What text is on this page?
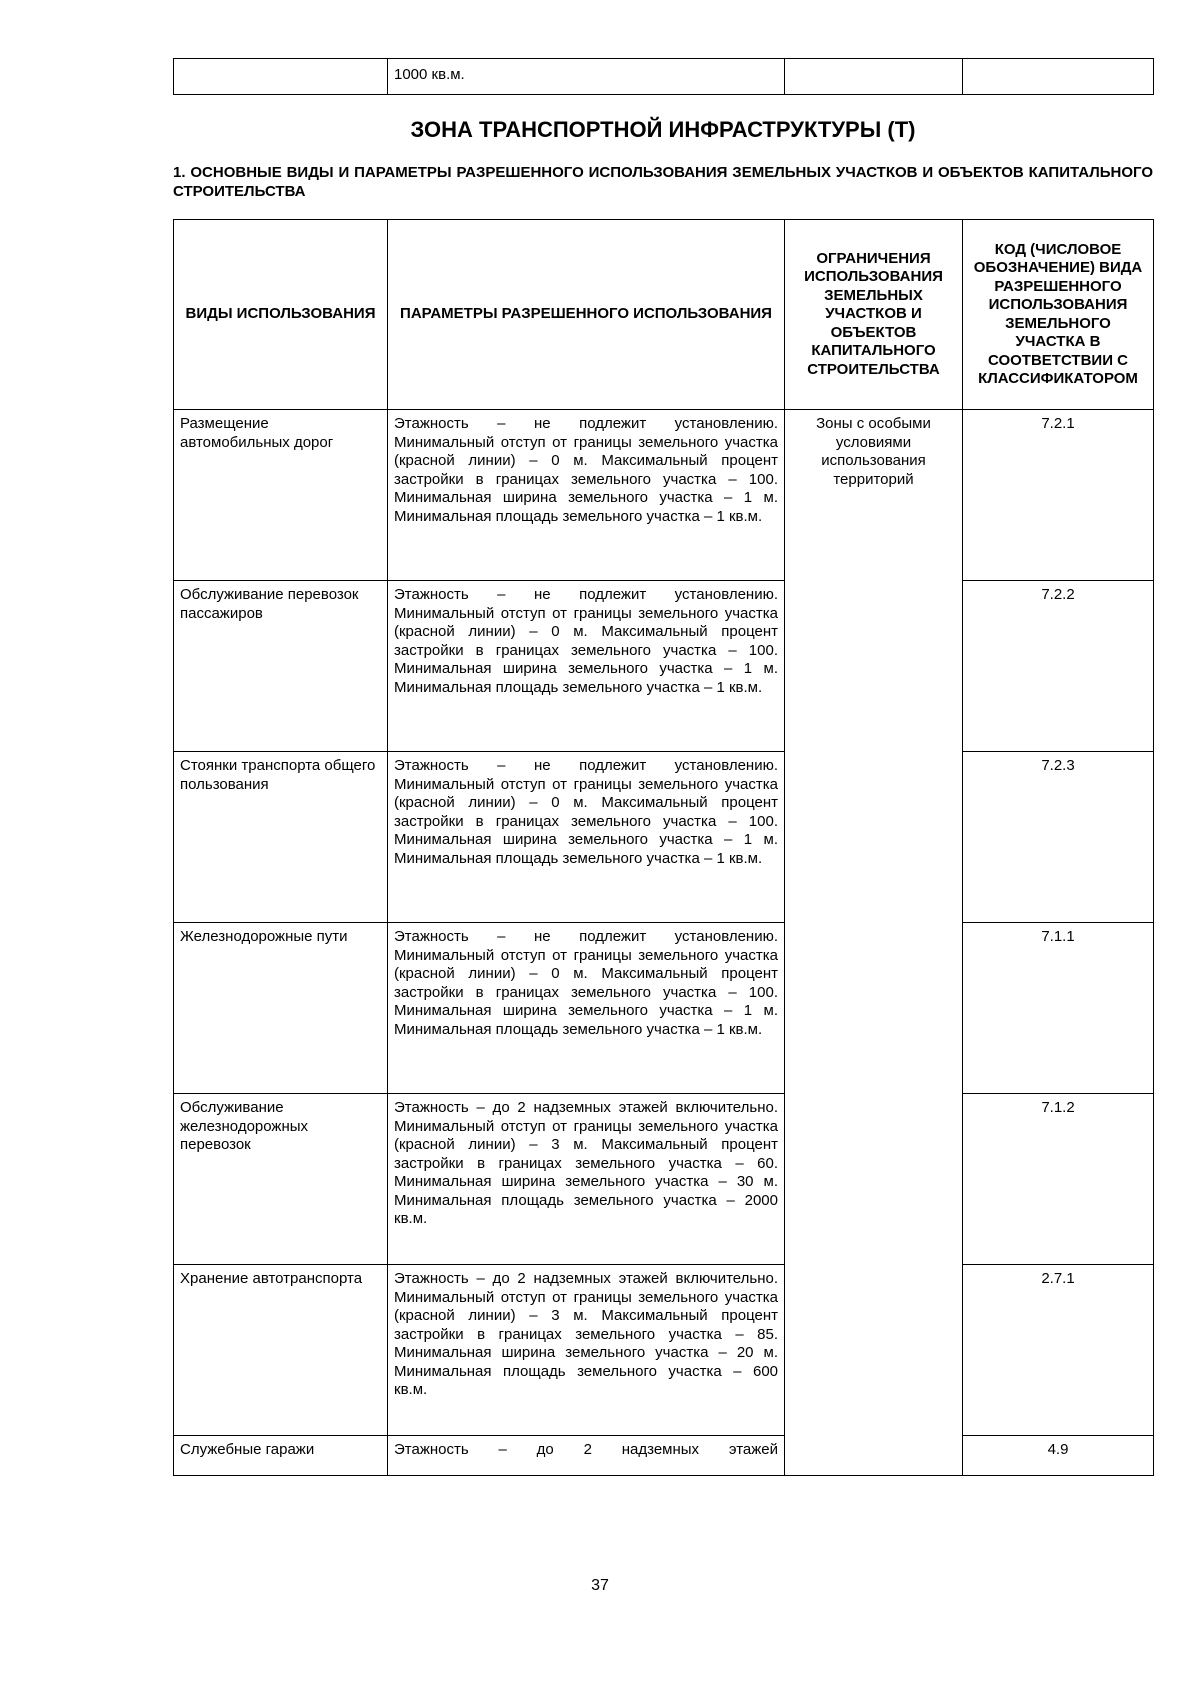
	1000 кв.м.		
ЗОНА ТРАНСПОРТНОЙ ИНФРАСТРУКТУРЫ (Т)
1. ОСНОВНЫЕ ВИДЫ И ПАРАМЕТРЫ РАЗРЕШЕННОГО ИСПОЛЬЗОВАНИЯ ЗЕМЕЛЬНЫХ УЧАСТКОВ И ОБЪЕКТОВ КАПИТАЛЬНОГО СТРОИТЕЛЬСТВА
ВИДЫ ИСПОЛЬЗОВАНИЯ	ПАРАМЕТРЫ РАЗРЕШЕННОГО ИСПОЛЬЗОВАНИЯ	ОГРАНИЧЕНИЯ ИСПОЛЬЗОВАНИЯ ЗЕМЕЛЬНЫХ УЧАСТКОВ И ОБЪЕКТОВ КАПИТАЛЬНОГО СТРОИТЕЛЬСТВА	КОД (ЧИСЛОВОЕ ОБОЗНАЧЕНИЕ) ВИДА РАЗРЕШЕННОГО ИСПОЛЬЗОВАНИЯ ЗЕМЕЛЬНОГО УЧАСТКА В СООТВЕТСТВИИ С КЛАССИФИКАТОРОМ
Размещение автомобильных дорог	Этажность – не подлежит установлению. Минимальный отступ от границы земельного участка (красной линии) – 0 м. Максимальный процент застройки в границах земельного участка – 100. Минимальная ширина земельного участка – 1 м. Минимальная площадь земельного участка – 1 кв.м.	Зоны с особыми условиями использования территорий	7.2.1
Обслуживание перевозок пассажиров	Этажность – не подлежит установлению. Минимальный отступ от границы земельного участка (красной линии) – 0 м. Максимальный процент застройки в границах земельного участка – 100. Минимальная ширина земельного участка – 1 м. Минимальная площадь земельного участка – 1 кв.м.		7.2.2
Стоянки транспорта общего пользования	Этажность – не подлежит установлению. Минимальный отступ от границы земельного участка (красной линии) – 0 м. Максимальный процент застройки в границах земельного участка – 100. Минимальная ширина земельного участка – 1 м. Минимальная площадь земельного участка – 1 кв.м.		7.2.3
Железнодорожные пути	Этажность – не подлежит установлению. Минимальный отступ от границы земельного участка (красной линии) – 0 м. Максимальный процент застройки в границах земельного участка – 100. Минимальная ширина земельного участка – 1 м. Минимальная площадь земельного участка – 1 кв.м.		7.1.1
Обслуживание железнодорожных перевозок	Этажность – до 2 надземных этажей включительно. Минимальный отступ от границы земельного участка (красной линии) – 3 м. Максимальный процент застройки в границах земельного участка – 60. Минимальная ширина земельного участка – 30 м. Минимальная площадь земельного участка – 2000 кв.м.		7.1.2
Хранение автотранспорта	Этажность – до 2 надземных этажей включительно. Минимальный отступ от границы земельного участка (красной линии) – 3 м. Максимальный процент застройки в границах земельного участка – 85. Минимальная ширина земельного участка – 20 м. Минимальная площадь земельного участка – 600 кв.м.		2.7.1
Служебные гаражи	Этажность – до 2 надземных этажей		4.9
37
